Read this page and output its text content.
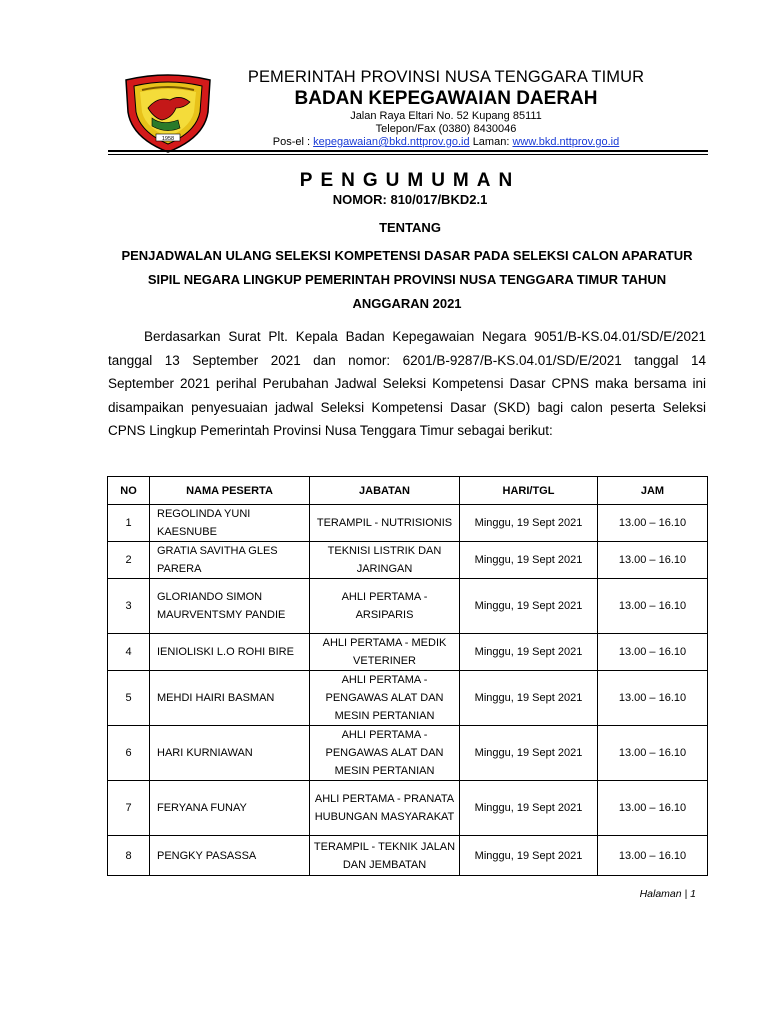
1958
PEMERINTAH PROVINSI NUSA TENGGARA TIMUR
BADAN KEPEGAWAIAN DAERAH
Jalan Raya Eltari No. 52 Kupang 85111
Telepon/Fax (0380) 8430046
Pos-el : kepegawaian@bkd.nttprov.go.id Laman: www.bkd.nttprov.go.id
PENGUMUMAN
NOMOR: 810/017/BKD2.1
TENTANG
PENJADWALAN ULANG SELEKSI KOMPETENSI DASAR PADA SELEKSI CALON APARATUR SIPIL NEGARA LINGKUP PEMERINTAH PROVINSI NUSA TENGGARA TIMUR TAHUN ANGGARAN 2021
Berdasarkan Surat Plt. Kepala Badan Kepegawaian Negara 9051/B-KS.04.01/SD/E/2021 tanggal 13 September 2021 dan nomor: 6201/B-9287/B-KS.04.01/SD/E/2021 tanggal 14 September 2021 perihal Perubahan Jadwal Seleksi Kompetensi Dasar CPNS maka bersama ini disampaikan penyesuaian jadwal Seleksi Kompetensi Dasar (SKD) bagi calon peserta Seleksi CPNS Lingkup Pemerintah Provinsi Nusa Tenggara Timur sebagai berikut:
NO	NAMA PESERTA	JABATAN	HARI/TGL	JAM
1	REGOLINDA YUNI KAESNUBE	TERAMPIL - NUTRISIONIS	Minggu, 19 Sept 2021	13.00 – 16.10
2	GRATIA SAVITHA GLES PARERA	TEKNISI LISTRIK DAN JARINGAN	Minggu, 19 Sept 2021	13.00 – 16.10
3	GLORIANDO SIMON MAURVENTSMY PANDIE	AHLI PERTAMA - ARSIPARIS	Minggu, 19 Sept 2021	13.00 – 16.10
4	IENIOLISKI L.O ROHI BIRE	AHLI PERTAMA - MEDIK VETERINER	Minggu, 19 Sept 2021	13.00 – 16.10
5	MEHDI HAIRI BASMAN	AHLI PERTAMA - PENGAWAS ALAT DAN MESIN PERTANIAN	Minggu, 19 Sept 2021	13.00 – 16.10
6	HARI KURNIAWAN	AHLI PERTAMA - PENGAWAS ALAT DAN MESIN PERTANIAN	Minggu, 19 Sept 2021	13.00 – 16.10
7	FERYANA FUNAY	AHLI PERTAMA - PRANATA HUBUNGAN MASYARAKAT	Minggu, 19 Sept 2021	13.00 – 16.10
8	PENGKY PASASSA	TERAMPIL - TEKNIK JALAN DAN JEMBATAN	Minggu, 19 Sept 2021	13.00 – 16.10
Halaman | 1
